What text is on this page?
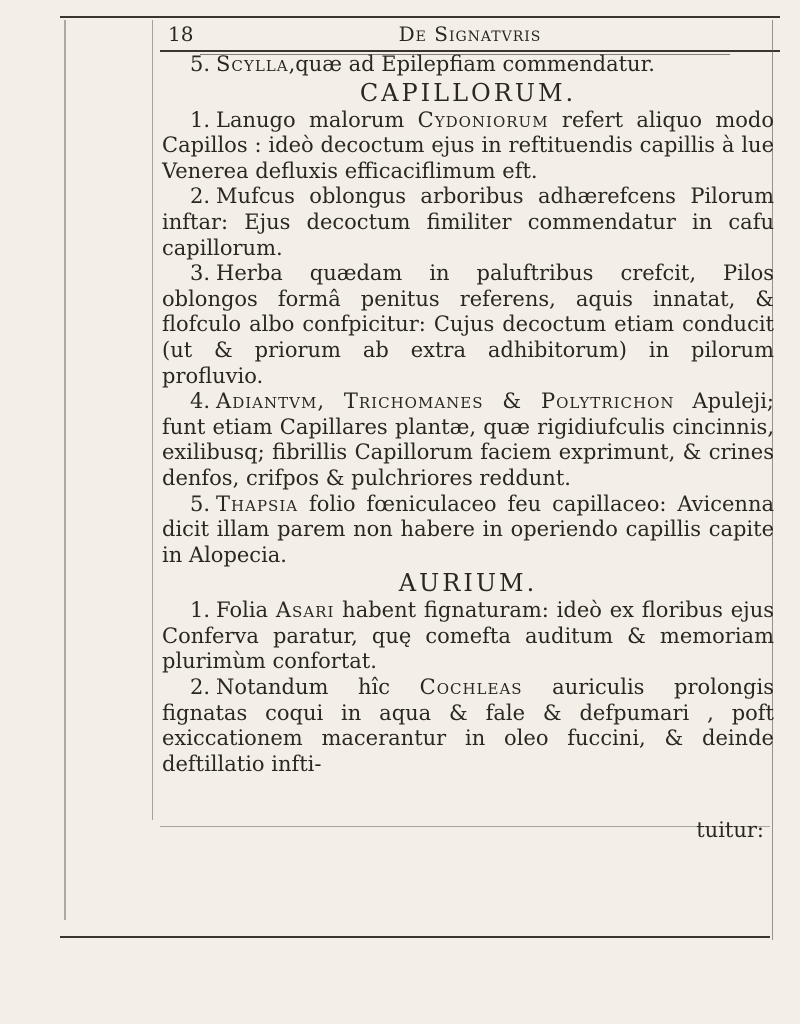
18	De Signatvris

5. Scylla,quæ ad Epilepfiam commendatur.

CAPILLORUM.

1. Lanugo malorum Cydoniorum refert aliquo modo Capillos : ideò decoctum ejus in reftituendis capillis à lue Venerea defluxis efficaciflimum eft.

2. Mufcus oblongus arboribus adhærefcens Pilorum inftar: Ejus decoctum fimiliter commendatur in cafu capillorum.

3. Herba quædam in paluftribus crefcit, Pilos oblongos formâ penitus referens, aquis innatat, & flofculo albo confpicitur: Cujus decoctum etiam conducit (ut & priorum ab extra adhibitorum) in pilorum profluvio.

4. Adiantvm, Trichomanes & Polytrichon Apuleji; funt etiam Capillares plantæ, quæ rigidiufculis cincinnis, exilibusq; fibrillis Capillorum faciem exprimunt, & crines denfos, crifpos & pulchriores reddunt.

5. Thapsia folio fœniculaceo feu capillaceo: Avicenna dicit illam parem non habere in operiendo capillis capite in Alopecia.

AURIUM.

1. Folia Asari habent fignaturam: ideò ex floribus ejus Conferva paratur, quę comefta auditum & memoriam plurimùm confortat.

2. Notandum hîc Cochleas auriculis prolongis fignatas coqui in aqua & fale & defpumari , poft exiccationem macerantur in oleo fuccini, & deinde deftillatio infti-

tuitur:
